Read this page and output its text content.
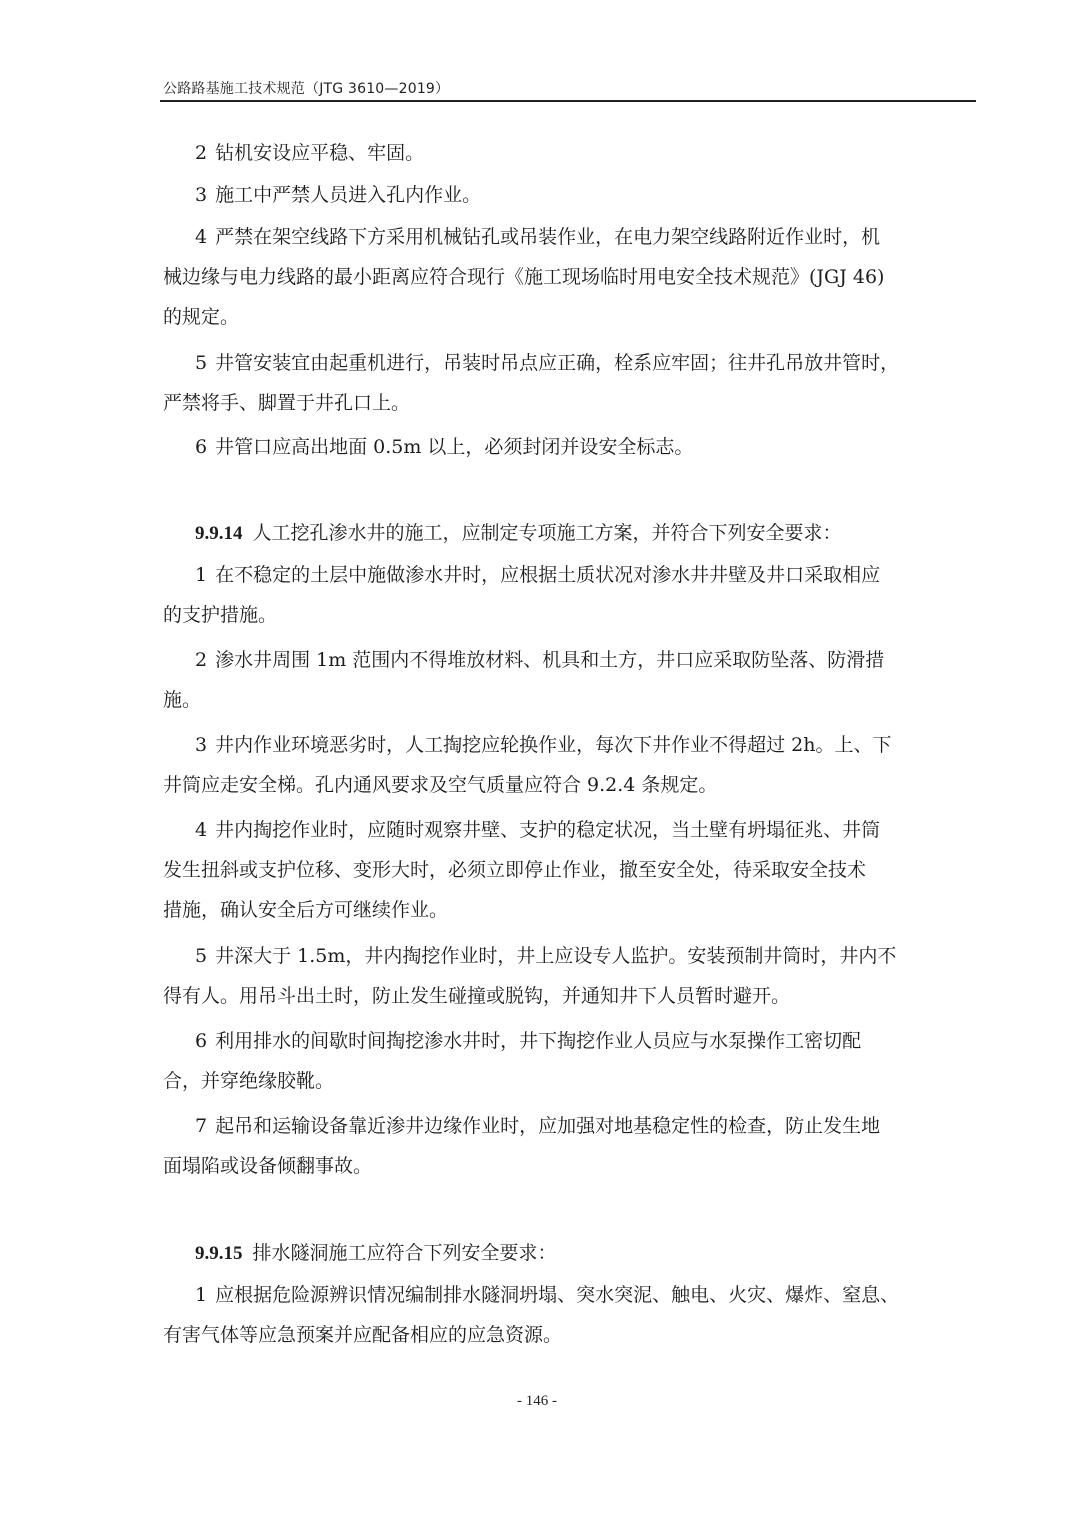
公路路基施工技术规范（JTG 3610—2019）
2 钻机安设应平稳、牢固。
3 施工中严禁人员进入孔内作业。
4 严禁在架空线路下方采用机械钻孔或吊装作业，在电力架空线路附近作业时，机
械边缘与电力线路的最小距离应符合现行《施工现场临时用电安全技术规范》(JGJ 46)
的规定。
5 井管安装宜由起重机进行，吊装时吊点应正确，栓系应牢固；往井孔吊放井管时，
严禁将手、脚置于井孔口上。
6 井管口应高出地面 0.5m 以上，必须封闭并设安全标志。
9.9.14 人工挖孔渗水井的施工，应制定专项施工方案，并符合下列安全要求：
1 在不稳定的土层中施做渗水井时，应根据土质状况对渗水井井壁及井口采取相应
的支护措施。
2 渗水井周围 1m 范围内不得堆放材料、机具和土方，井口应采取防坠落、防滑措
施。
3 井内作业环境恶劣时，人工掏挖应轮换作业，每次下井作业不得超过 2h。上、下
井筒应走安全梯。孔内通风要求及空气质量应符合 9.2.4 条规定。
4 井内掏挖作业时，应随时观察井壁、支护的稳定状况，当土壁有坍塌征兆、井筒
发生扭斜或支护位移、变形大时，必须立即停止作业，撤至安全处，待采取安全技术
措施，确认安全后方可继续作业。
5 井深大于 1.5m，井内掏挖作业时，井上应设专人监护。安装预制井筒时，井内不
得有人。用吊斗出土时，防止发生碰撞或脱钩，并通知井下人员暂时避开。
6 利用排水的间歇时间掏挖渗水井时，井下掏挖作业人员应与水泵操作工密切配
合，并穿绝缘胶靴。
7 起吊和运输设备靠近渗井边缘作业时，应加强对地基稳定性的检查，防止发生地
面塌陷或设备倾翻事故。
9.9.15 排水隧洞施工应符合下列安全要求：
1 应根据危险源辨识情况编制排水隧洞坍塌、突水突泥、触电、火灾、爆炸、窒息、
有害气体等应急预案并应配备相应的应急资源。
- 146 -
